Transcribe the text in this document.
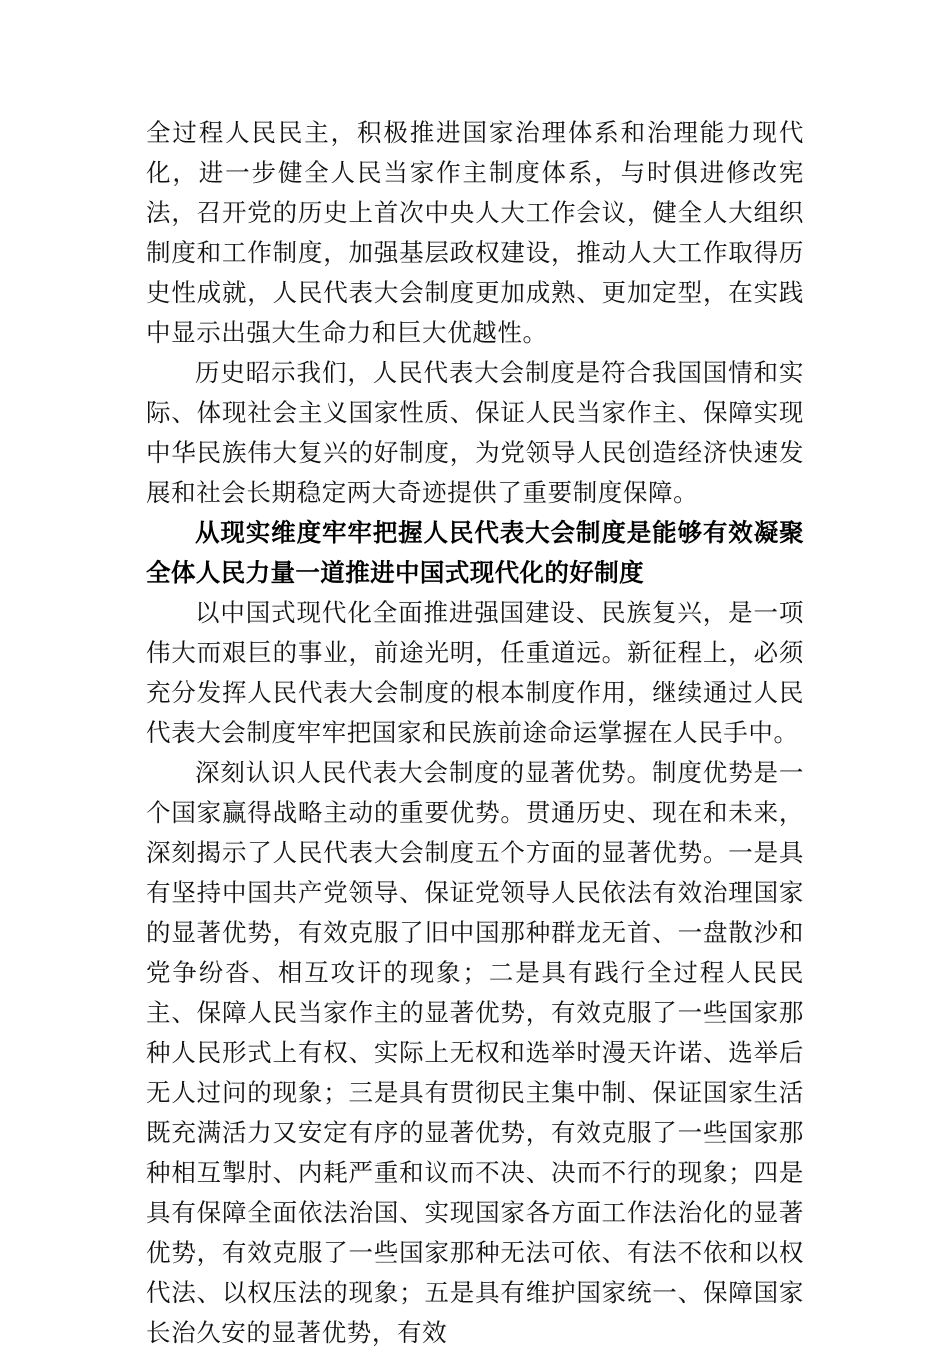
全过程人民民主，积极推进国家治理体系和治理能力现代化，进一步健全人民当家作主制度体系，与时俱进修改宪法，召开党的历史上首次中央人大工作会议，健全人大组织制度和工作制度，加强基层政权建设，推动人大工作取得历史性成就，人民代表大会制度更加成熟、更加定型，在实践中显示出强大生命力和巨大优越性。

历史昭示我们，人民代表大会制度是符合我国国情和实际、体现社会主义国家性质、保证人民当家作主、保障实现中华民族伟大复兴的好制度，为党领导人民创造经济快速发展和社会长期稳定两大奇迹提供了重要制度保障。

从现实维度牢牢把握人民代表大会制度是能够有效凝聚全体人民力量一道推进中国式现代化的好制度

以中国式现代化全面推进强国建设、民族复兴，是一项伟大而艰巨的事业，前途光明，任重道远。新征程上，必须充分发挥人民代表大会制度的根本制度作用，继续通过人民代表大会制度牢牢把国家和民族前途命运掌握在人民手中。

深刻认识人民代表大会制度的显著优势。制度优势是一个国家赢得战略主动的重要优势。贯通历史、现在和未来，深刻揭示了人民代表大会制度五个方面的显著优势。一是具有坚持中国共产党领导、保证党领导人民依法有效治理国家的显著优势，有效克服了旧中国那种群龙无首、一盘散沙和党争纷沓、相互攻讦的现象；二是具有践行全过程人民民主、保障人民当家作主的显著优势，有效克服了一些国家那种人民形式上有权、实际上无权和选举时漫天许诺、选举后无人过问的现象；三是具有贯彻民主集中制、保证国家生活既充满活力又安定有序的显著优势，有效克服了一些国家那种相互掣肘、内耗严重和议而不决、决而不行的现象；四是具有保障全面依法治国、实现国家各方面工作法治化的显著优势，有效克服了一些国家那种无法可依、有法不依和以权代法、以权压法的现象；五是具有维护国家统一、保障国家长治久安的显著优势，有效
